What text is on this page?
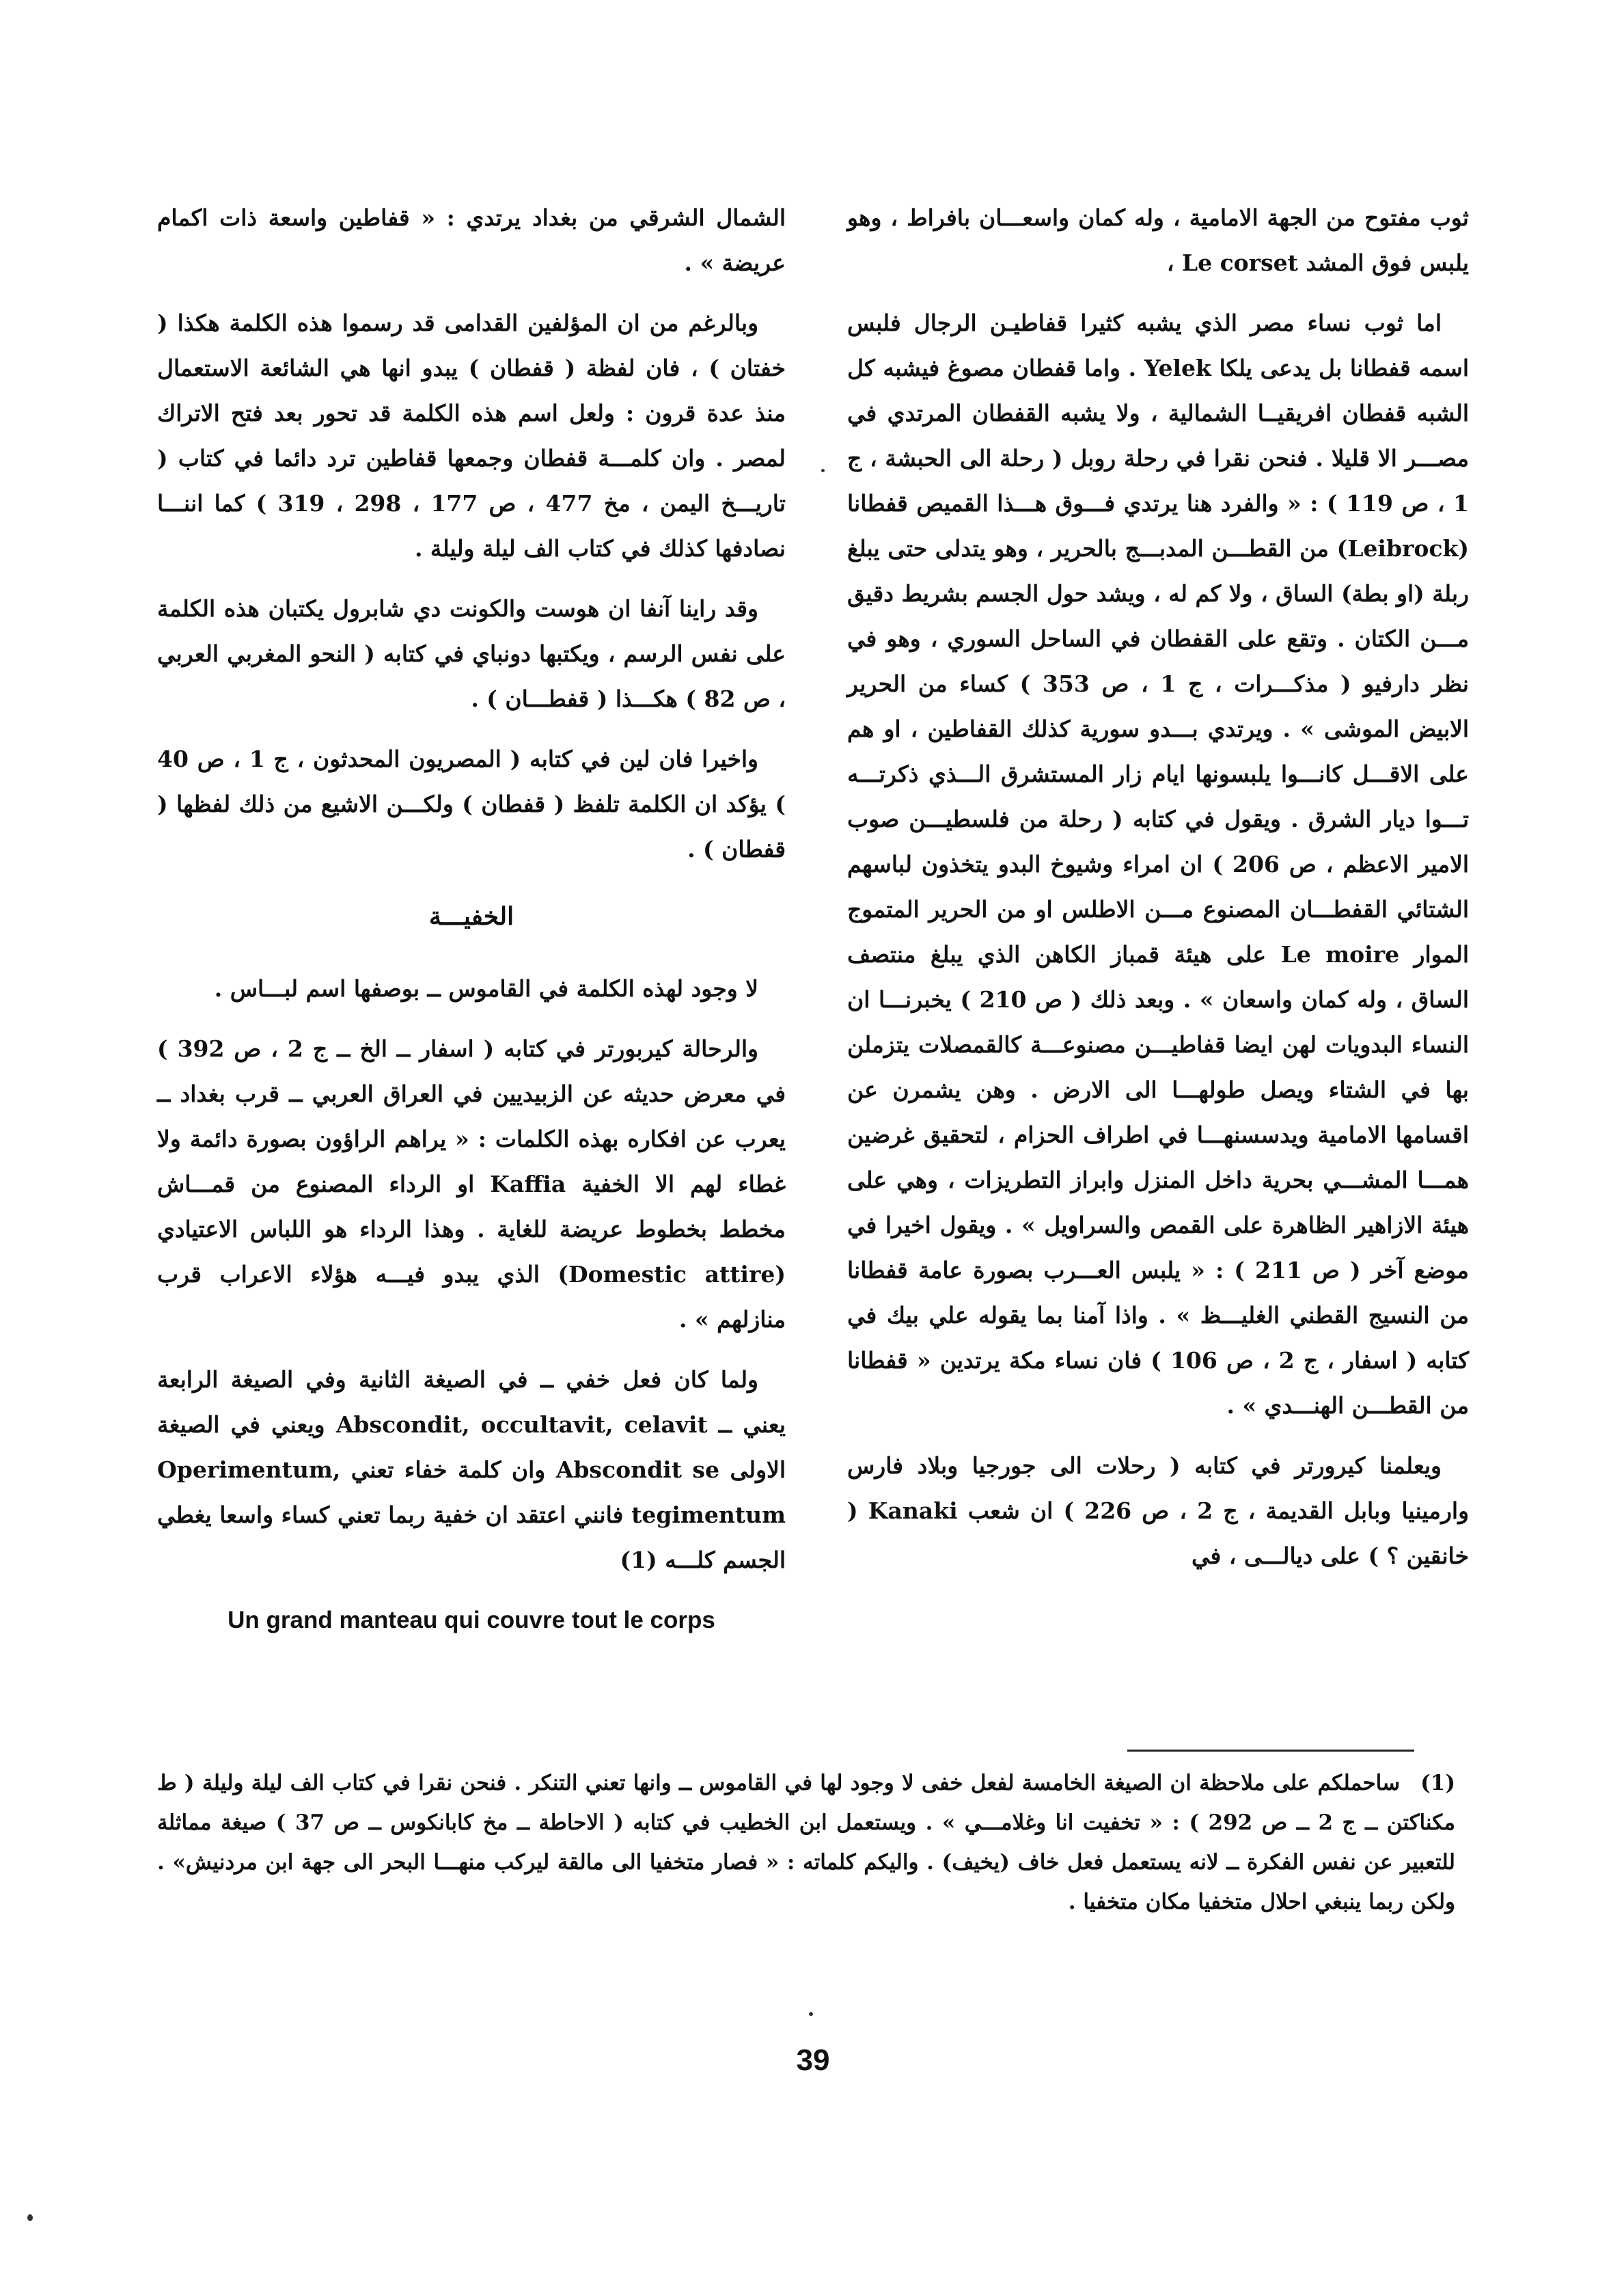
ثوب مفتوح من الجهة الامامية ، وله كمان واسعـــان بافراط ، وهو يلبس فوق المشد Le corset ،

اما ثوب نساء مصر الذي يشبه كثيرا قفاطيـن الرجال فلبس اسمه قفطانا بل يدعى يلكا Yelek . واما قفطان مصوغ فيشبه كل الشبه قفطان افريقيــا الشمالية ، ولا يشبه القفطان المرتدي في مصـــر الا قليلا . فنحن نقرا في رحلة روبل ( رحلة الى الحبشة ، ج 1 ، ص 119 ) : « والفرد هنا يرتدي فـــوق هـــذا القميص قفطانا (Leibrock) من القطـــن المدبـــج بالحرير ، وهو يتدلى حتى يبلغ ربلة (او بطة) الساق ، ولا كم له ، ويشد حول الجسم بشريط دقيق مـــن الكتان . وتقع على القفطان في الساحل السوري ، وهو في نظر دارفيو ( مذكـــرات ، ج 1 ، ص 353 ) كساء من الحرير الابيض الموشى » . ويرتدي بـــدو سورية كذلك القفاطين ، او هم على الاقـــل كانـــوا يلبسونها ايام زار المستشرق الـــذي ذكرتـــه تـــوا ديار الشرق . ويقول في كتابه ( رحلة من فلسطيـــن صوب الامير الاعظم ، ص 206 ) ان امراء وشيوخ البدو يتخذون لباسهم الشتائي القفطـــان المصنوع مـــن الاطلس او من الحرير المتموج الموار Le moire على هيئة قمباز الكاهن الذي يبلغ منتصف الساق ، وله كمان واسعان » . وبعد ذلك ( ص 210 ) يخبرنـــا ان النساء البدويات لهن ايضا قفاطيـــن مصنوعـــة كالقمصلات يتزملن بها في الشتاء ويصل طولهـــا الى الارض . وهن يشمرن عن اقسامها الامامية ويدسسنهـــا في اطراف الحزام ، لتحقيق غرضين همـــا المشـــي بحرية داخل المنزل وابراز التطريزات ، وهي على هيئة الازاهير الظاهرة على القمص والسراويل » . ويقول اخيرا في موضع آخر ( ص 211 ) : « يلبس العـــرب بصورة عامة قفطانا من النسيج القطني الغليـــظ » . واذا آمنا بما يقوله علي بيك في كتابه ( اسفار ، ج 2 ، ص 106 ) فان نساء مكة يرتدين « قفطانا من القطـــن الهنـــدي » .

ويعلمنا كيرورتر في كتابه ( رحلات الى جورجيا وبلاد فارس وارمينيا وبابل القديمة ، ج 2 ، ص 226 ) ان شعب Kanaki ( خانقين ؟ ) على ديالـــى ، في

الشمال الشرقي من بغداد يرتدي : « قفاطين واسعة ذات اكمام عريضة » .

وبالرغم من ان المؤلفين القدامى قد رسموا هذه الكلمة هكذا ( خفتان ) ، فان لفظة ( قفطان ) يبدو انها هي الشائعة الاستعمال منذ عدة قرون : ولعل اسم هذه الكلمة قد تحور بعد فتح الاتراك لمصر . وان كلمـــة قفطان وجمعها قفاطين ترد دائما في كتاب ( تاريـــخ اليمن ، مخ 477 ، ص 177 ، 298 ، 319 ) كما اننـــا نصادفها كذلك في كتاب الف ليلة وليلة .

وقد راينا آنفا ان هوست والكونت دي شابرول يكتبان هذه الكلمة على نفس الرسم ، ويكتبها دونباي في كتابه ( النحو المغربي العربي ، ص 82 ) هكـــذا ( قفطـــان ) .

واخيرا فان لين في كتابه ( المصريون المحدثون ، ج 1 ، ص 40 ) يؤكد ان الكلمة تلفظ ( قفطان ) ولكـــن الاشيع من ذلك لفظها ( قفطان ) .

الخفيـــة

لا وجود لهذه الكلمة في القاموس ــ بوصفها اسم لبـــاس .

والرحالة كيربورتر في كتابه ( اسفار ــ الخ ــ ج 2 ، ص 392 ) في معرض حديثه عن الزبيديين في العراق العربي ــ قرب بغداد ــ يعرب عن افكاره بهذه الكلمات : « يراهم الراؤون بصورة دائمة ولا غطاء لهم الا الخفية Kaffia او الرداء المصنوع من قمـــاش مخطط بخطوط عريضة للغاية . وهذا الرداء هو اللباس الاعتيادي (Domestic attire) الذي يبدو فيـــه هؤلاء الاعراب قرب منازلهم » .

ولما كان فعل خفي ــ في الصيغة الثانية وفي الصيغة الرابعة يعني ــ Abscondit, occultavit, celavit ويعني في الصيغة الاولى Abscondit se وان كلمة خفاء تعني Operimentum, tegimentum فانني اعتقد ان خفية ربما تعني كساء واسعا يغطي الجسم كلـــه (1)

Un grand manteau qui couvre tout le corps
(1)
ساحملكم على ملاحظة ان الصيغة الخامسة لفعل خفى لا وجود لها في القاموس ــ وانها تعني التنكر . فنحن نقرا في كتاب الف ليلة وليلة ( ط مكناكتن ــ ج 2 ــ ص 292 ) : « تخفيت انا وغلامـــي » . ويستعمل ابن الخطيب في كتابه ( الاحاطة ــ مخ كابانكوس ــ ص 37 ) صيغة مماثلة للتعبير عن نفس الفكرة ــ لانه يستعمل فعل خاف (يخيف) . واليكم كلماته : « فصار متخفيا الى مالقة ليركب منهـــا البحر الى جهة ابن مردنيش» . ولكن ربما ينبغي احلال متخفيا مكان متخفيا .
39
